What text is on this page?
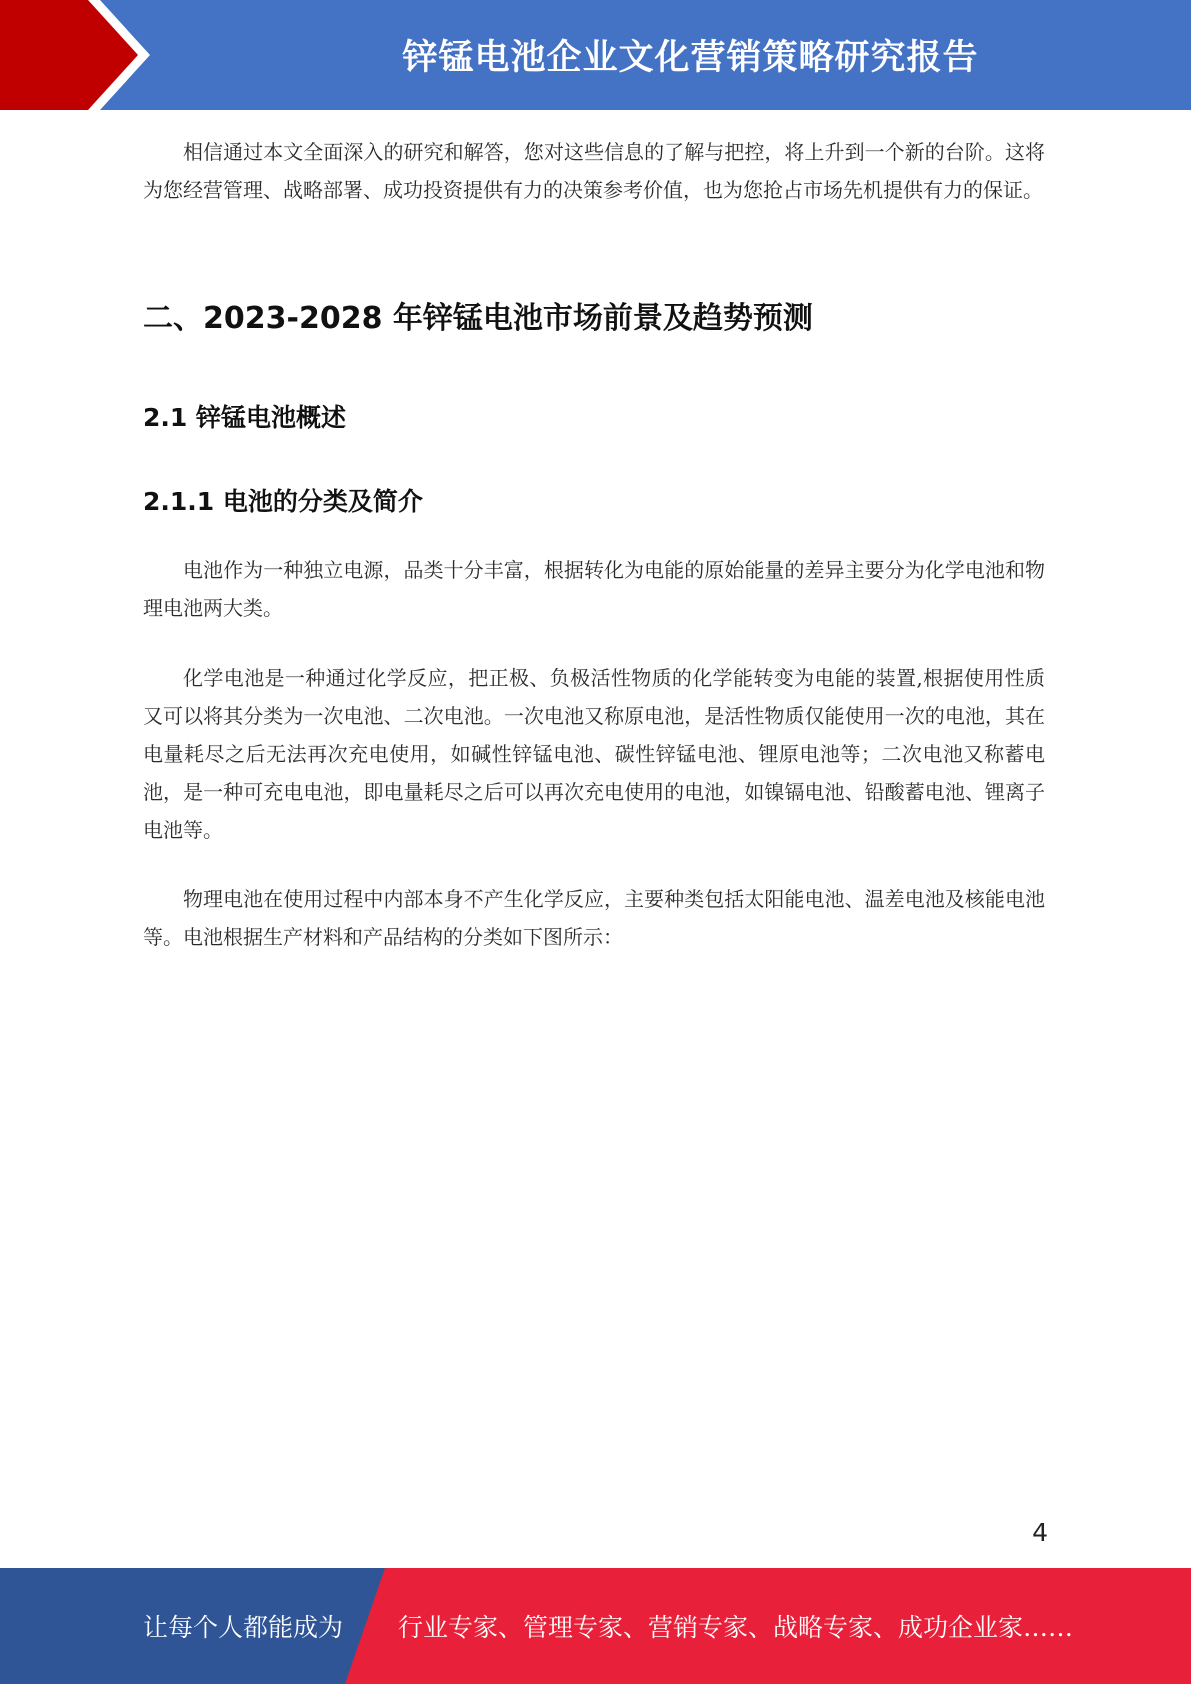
锌锰电池企业文化营销策略研究报告

相信通过本文全面深入的研究和解答，您对这些信息的了解与把控，将上升到一个新的台阶。这将为您经营管理、战略部署、成功投资提供有力的决策参考价值，也为您抢占市场先机提供有力的保证。

二、2023-2028 年锌锰电池市场前景及趋势预测
2.1 锌锰电池概述
2.1.1 电池的分类及简介

电池作为一种独立电源，品类十分丰富，根据转化为电能的原始能量的差异主要分为化学电池和物理电池两大类。

化学电池是一种通过化学反应，把正极、负极活性物质的化学能转变为电能的装置,根据使用性质又可以将其分类为一次电池、二次电池。一次电池又称原电池，是活性物质仅能使用一次的电池，其在电量耗尽之后无法再次充电使用，如碱性锌锰电池、碳性锌锰电池、锂原电池等；二次电池又称蓄电池，是一种可充电电池，即电量耗尽之后可以再次充电使用的电池，如镍镉电池、铅酸蓄电池、锂离子电池等。

物理电池在使用过程中内部本身不产生化学反应，主要种类包括太阳能电池、温差电池及核能电池等。电池根据生产材料和产品结构的分类如下图所示：

4
让每个人都能成为 行业专家、管理专家、营销专家、战略专家、成功企业家……
